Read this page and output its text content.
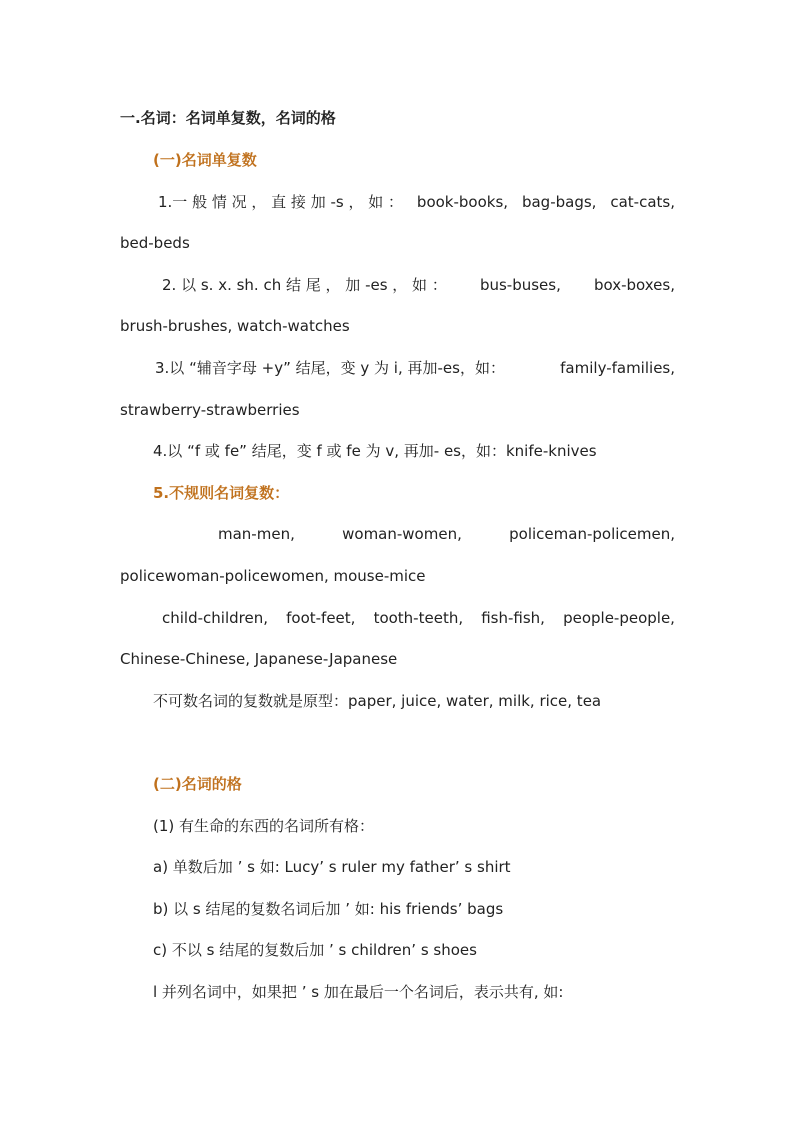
一.名词：名词单复数，名词的格
(一)名词单复数
1.一 般 情 况 ， 直 接 加 -s ， 如 ： book-books, bag-bags, cat-cats,
bed-beds
2. 以 s. x. sh. ch 结 尾 ， 加 -es ， 如 ： bus-buses, box-boxes,
brush-brushes, watch-watches
3.以 “辅音字母 +y” 结尾，变 y 为 i, 再加-es，如：	family-families,
strawberry-strawberries
4.以 “f 或 fe” 结尾，变 f 或 fe 为 v, 再加- es，如：knife-knives
5.不规则名词复数：
man-men,	woman-women,	policeman-policemen,
policewoman-policewomen, mouse-mice
child-children, foot-feet, tooth-teeth, fish-fish, people-people,
Chinese-Chinese, Japanese-Japanese
不可数名词的复数就是原型：paper, juice, water, milk, rice, tea
(二)名词的格
(1) 有生命的东西的名词所有格：
a) 单数后加 ’ s 如: Lucy’ s ruler my father’ s shirt
b) 以 s 结尾的复数名词后加 ’ 如: his friends’ bags
c) 不以 s 结尾的复数后加 ’ s children’ s shoes
l 并列名词中，如果把 ’ s 加在最后一个名词后，表示共有, 如:
